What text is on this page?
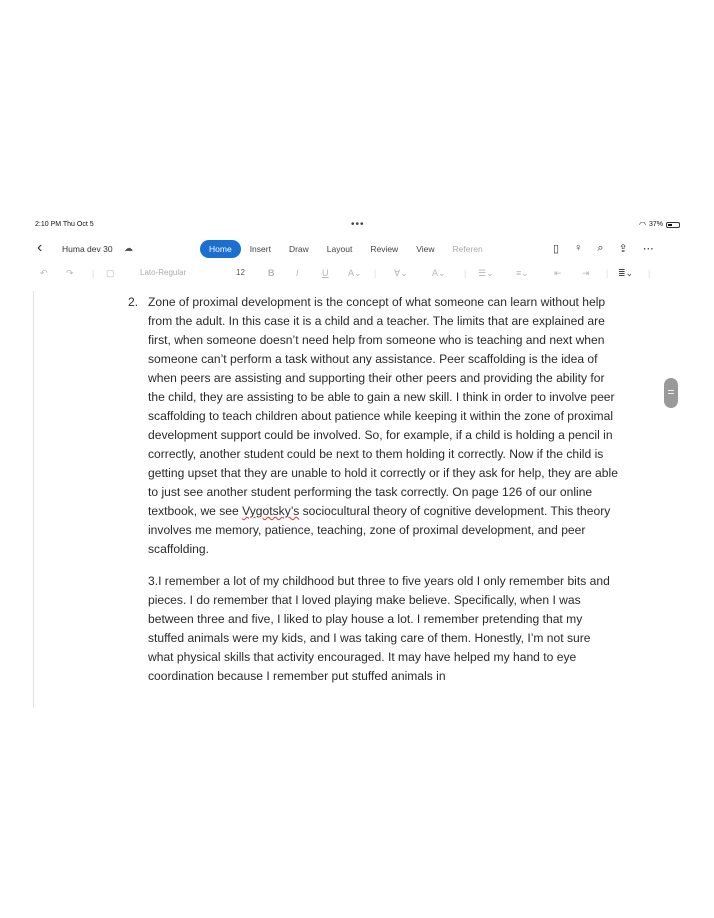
2:10 PM Thu Oct 5	•••	◠ 37%
‹ Huma dev 30 ☁	Home	Insert	Draw	Layout	Review	View	Referen	▯ ♀ ⌕ ⇪ ⋯
↶ ↷ | ▢	Lato-Regular	12	B I	U A⌄ | ∀⌄	A⌄ | ☰⌄ ≡⌄	⇤ ⇥ | ≣⌄ |
2. Zone of proximal development is the concept of what someone can learn without help from the adult. In this case it is a child and a teacher. The limits that are explained are first, when someone doesn’t need help from someone who is teaching and next when someone can’t perform a task without any assistance. Peer scaffolding is the idea of when peers are assisting and supporting their other peers and providing the ability for the child, they are assisting to be able to gain a new skill. I think in order to involve peer scaffolding to teach children about patience while keeping it within the zone of proximal development support could be involved. So, for example, if a child is holding a pencil in correctly, another student could be next to them holding it correctly. Now if the child is getting upset that they are unable to hold it correctly or if they ask for help, they are able to just see another student performing the task correctly. On page 126 of our online textbook, we see Vygotsky’s sociocultural theory of cognitive development. This theory involves me memory, patience, teaching, zone of proximal development, and peer scaffolding.
3.I remember a lot of my childhood but three to five years old I only remember bits and pieces. I do remember that I loved playing make believe. Specifically, when I was between three and five, I liked to play house a lot. I remember pretending that my stuffed animals were my kids, and I was taking care of them. Honestly, I’m not sure what physical skills that activity encouraged. It may have helped my hand to eye coordination because I remember put stuffed animals in
